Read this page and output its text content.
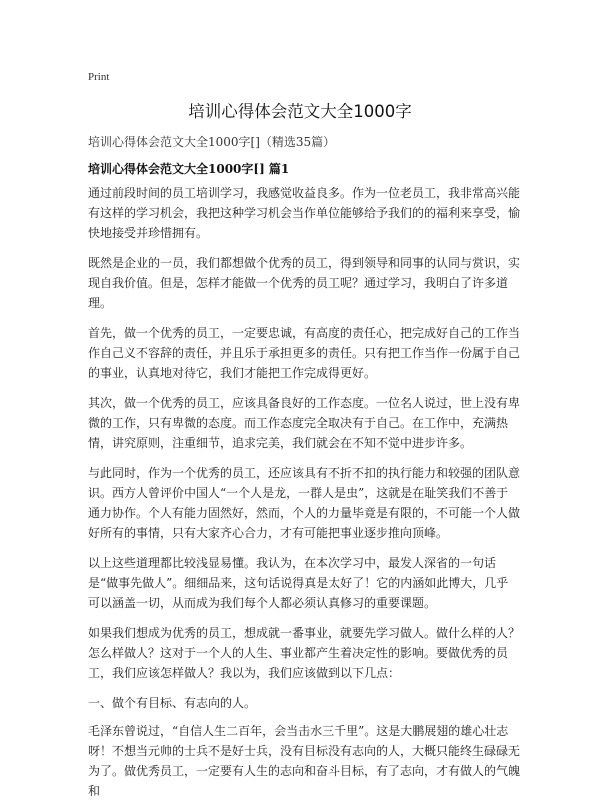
Print
培训心得体会范文大全1000字
培训心得体会范文大全1000字[]（精选35篇）
培训心得体会范文大全1000字[] 篇1

通过前段时间的员工培训学习，我感觉收益良多。作为一位老员工，我非常高兴能有这样的学习机会，我把这种学习机会当作单位能够给予我们的的福利来享受，愉快地接受并珍惜拥有。

既然是企业的一员，我们都想做个优秀的员工，得到领导和同事的认同与赏识，实现自我价值。但是，怎样才能做一个优秀的员工呢？通过学习，我明白了许多道理。

首先，做一个优秀的员工，一定要忠诚，有高度的责任心，把完成好自己的工作当作自己义不容辞的责任，并且乐于承担更多的责任。只有把工作当作一份属于自己的事业，认真地对待它，我们才能把工作完成得更好。

其次，做一个优秀的员工，应该具备良好的工作态度。一位名人说过，世上没有卑微的工作，只有卑微的态度。而工作态度完全取决有于自己。在工作中，充满热情，讲究原则，注重细节，追求完美，我们就会在不知不觉中进步许多。

与此同时，作为一个优秀的员工，还应该具有不折不扣的执行能力和较强的团队意识。西方人曾评价中国人“一个人是龙，一群人是虫”，这就是在耻笑我们不善于通力协作。个人有能力固然好，然而，个人的力量毕竟是有限的，不可能一个人做好所有的事情，只有大家齐心合力，才有可能把事业逐步推向顶峰。

以上这些道理都比较浅显易懂。我认为，在本次学习中，最发人深省的一句话是“做事先做人”。细细品来，这句话说得真是太好了！它的内涵如此博大，几乎可以涵盖一切，从而成为我们每个人都必须认真修习的重要课题。

如果我们想成为优秀的员工，想成就一番事业，就要先学习做人。做什么样的人？怎么样做人？这对于一个人的人生、事业都产生着决定性的影响。要做优秀的员工，我们应该怎样做人？我以为，我们应该做到以下几点：

一、做个有目标、有志向的人。

毛泽东曾说过，“自信人生二百年，会当击水三千里”。这是大鹏展翅的雄心壮志呀！不想当元帅的士兵不是好士兵，没有目标没有志向的人，大概只能终生碌碌无为了。做优秀员工，一定要有人生的志向和奋斗目标，有了志向，才有做人的气魄和
